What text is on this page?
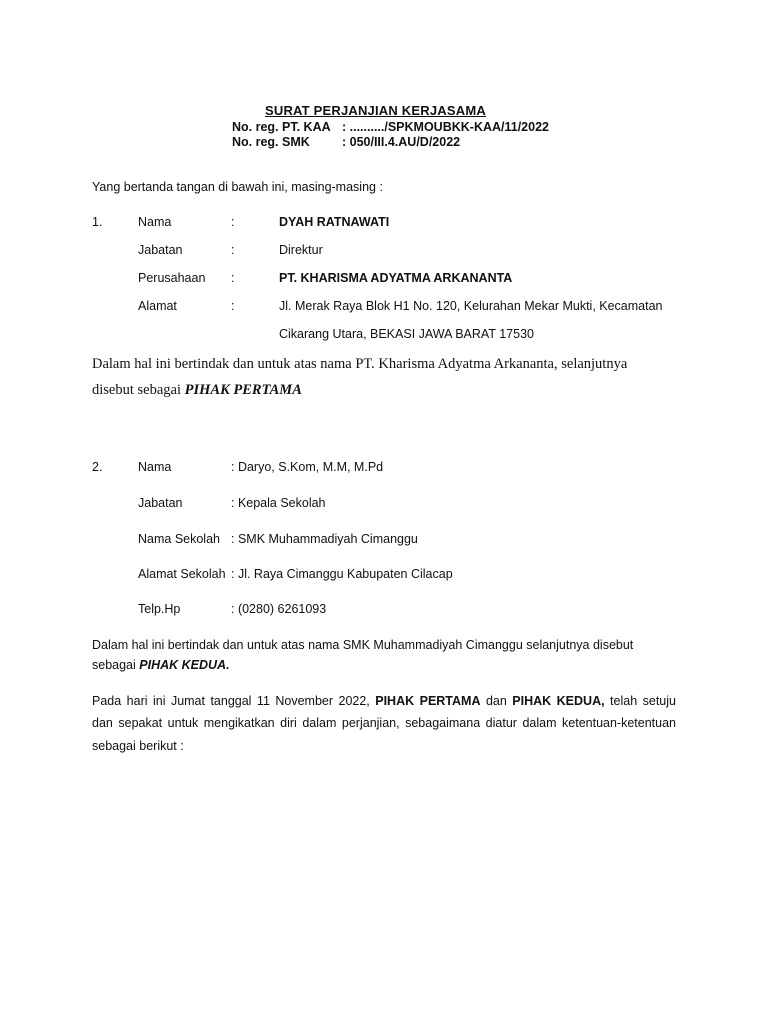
SURAT PERJANJIAN KERJASAMA
No. reg. PT. KAA : ........../SPKMOUBKK-KAA/11/2022
No. reg. SMK	: 050/III.4.AU/D/2022
Yang bertanda tangan di bawah ini, masing-masing :
1.	Nama	:	DYAH RATNAWATI
Jabatan	:	Direktur
Perusahaan :	PT. KHARISMA ADYATMA ARKANANTA
Alamat	:	Jl. Merak Raya Blok H1 No. 120, Kelurahan Mekar Mukti, Kecamatan
Cikarang Utara, BEKASI JAWA BARAT 17530
Dalam hal ini bertindak dan untuk atas nama PT. Kharisma Adyatma Arkananta, selanjutnya
disebut sebagai PIHAK PERTAMA
2.	Nama	: Daryo, S.Kom, M.M, M.Pd
Jabatan	: Kepala Sekolah
Nama Sekolah : SMK Muhammadiyah Cimanggu
Alamat Sekolah : Jl. Raya Cimanggu Kabupaten Cilacap
Telp.Hp	: (0280) 6261093
Dalam hal ini bertindak dan untuk atas nama SMK Muhammadiyah Cimanggu selanjutnya disebut
sebagai PIHAK KEDUA.
Pada hari ini Jumat tanggal 11 November 2022, PIHAK PERTAMA dan PIHAK KEDUA, telah setuju
dan sepakat untuk mengikatkan diri dalam perjanjian, sebagaimana diatur dalam ketentuan-ketentuan
sebagai berikut :
